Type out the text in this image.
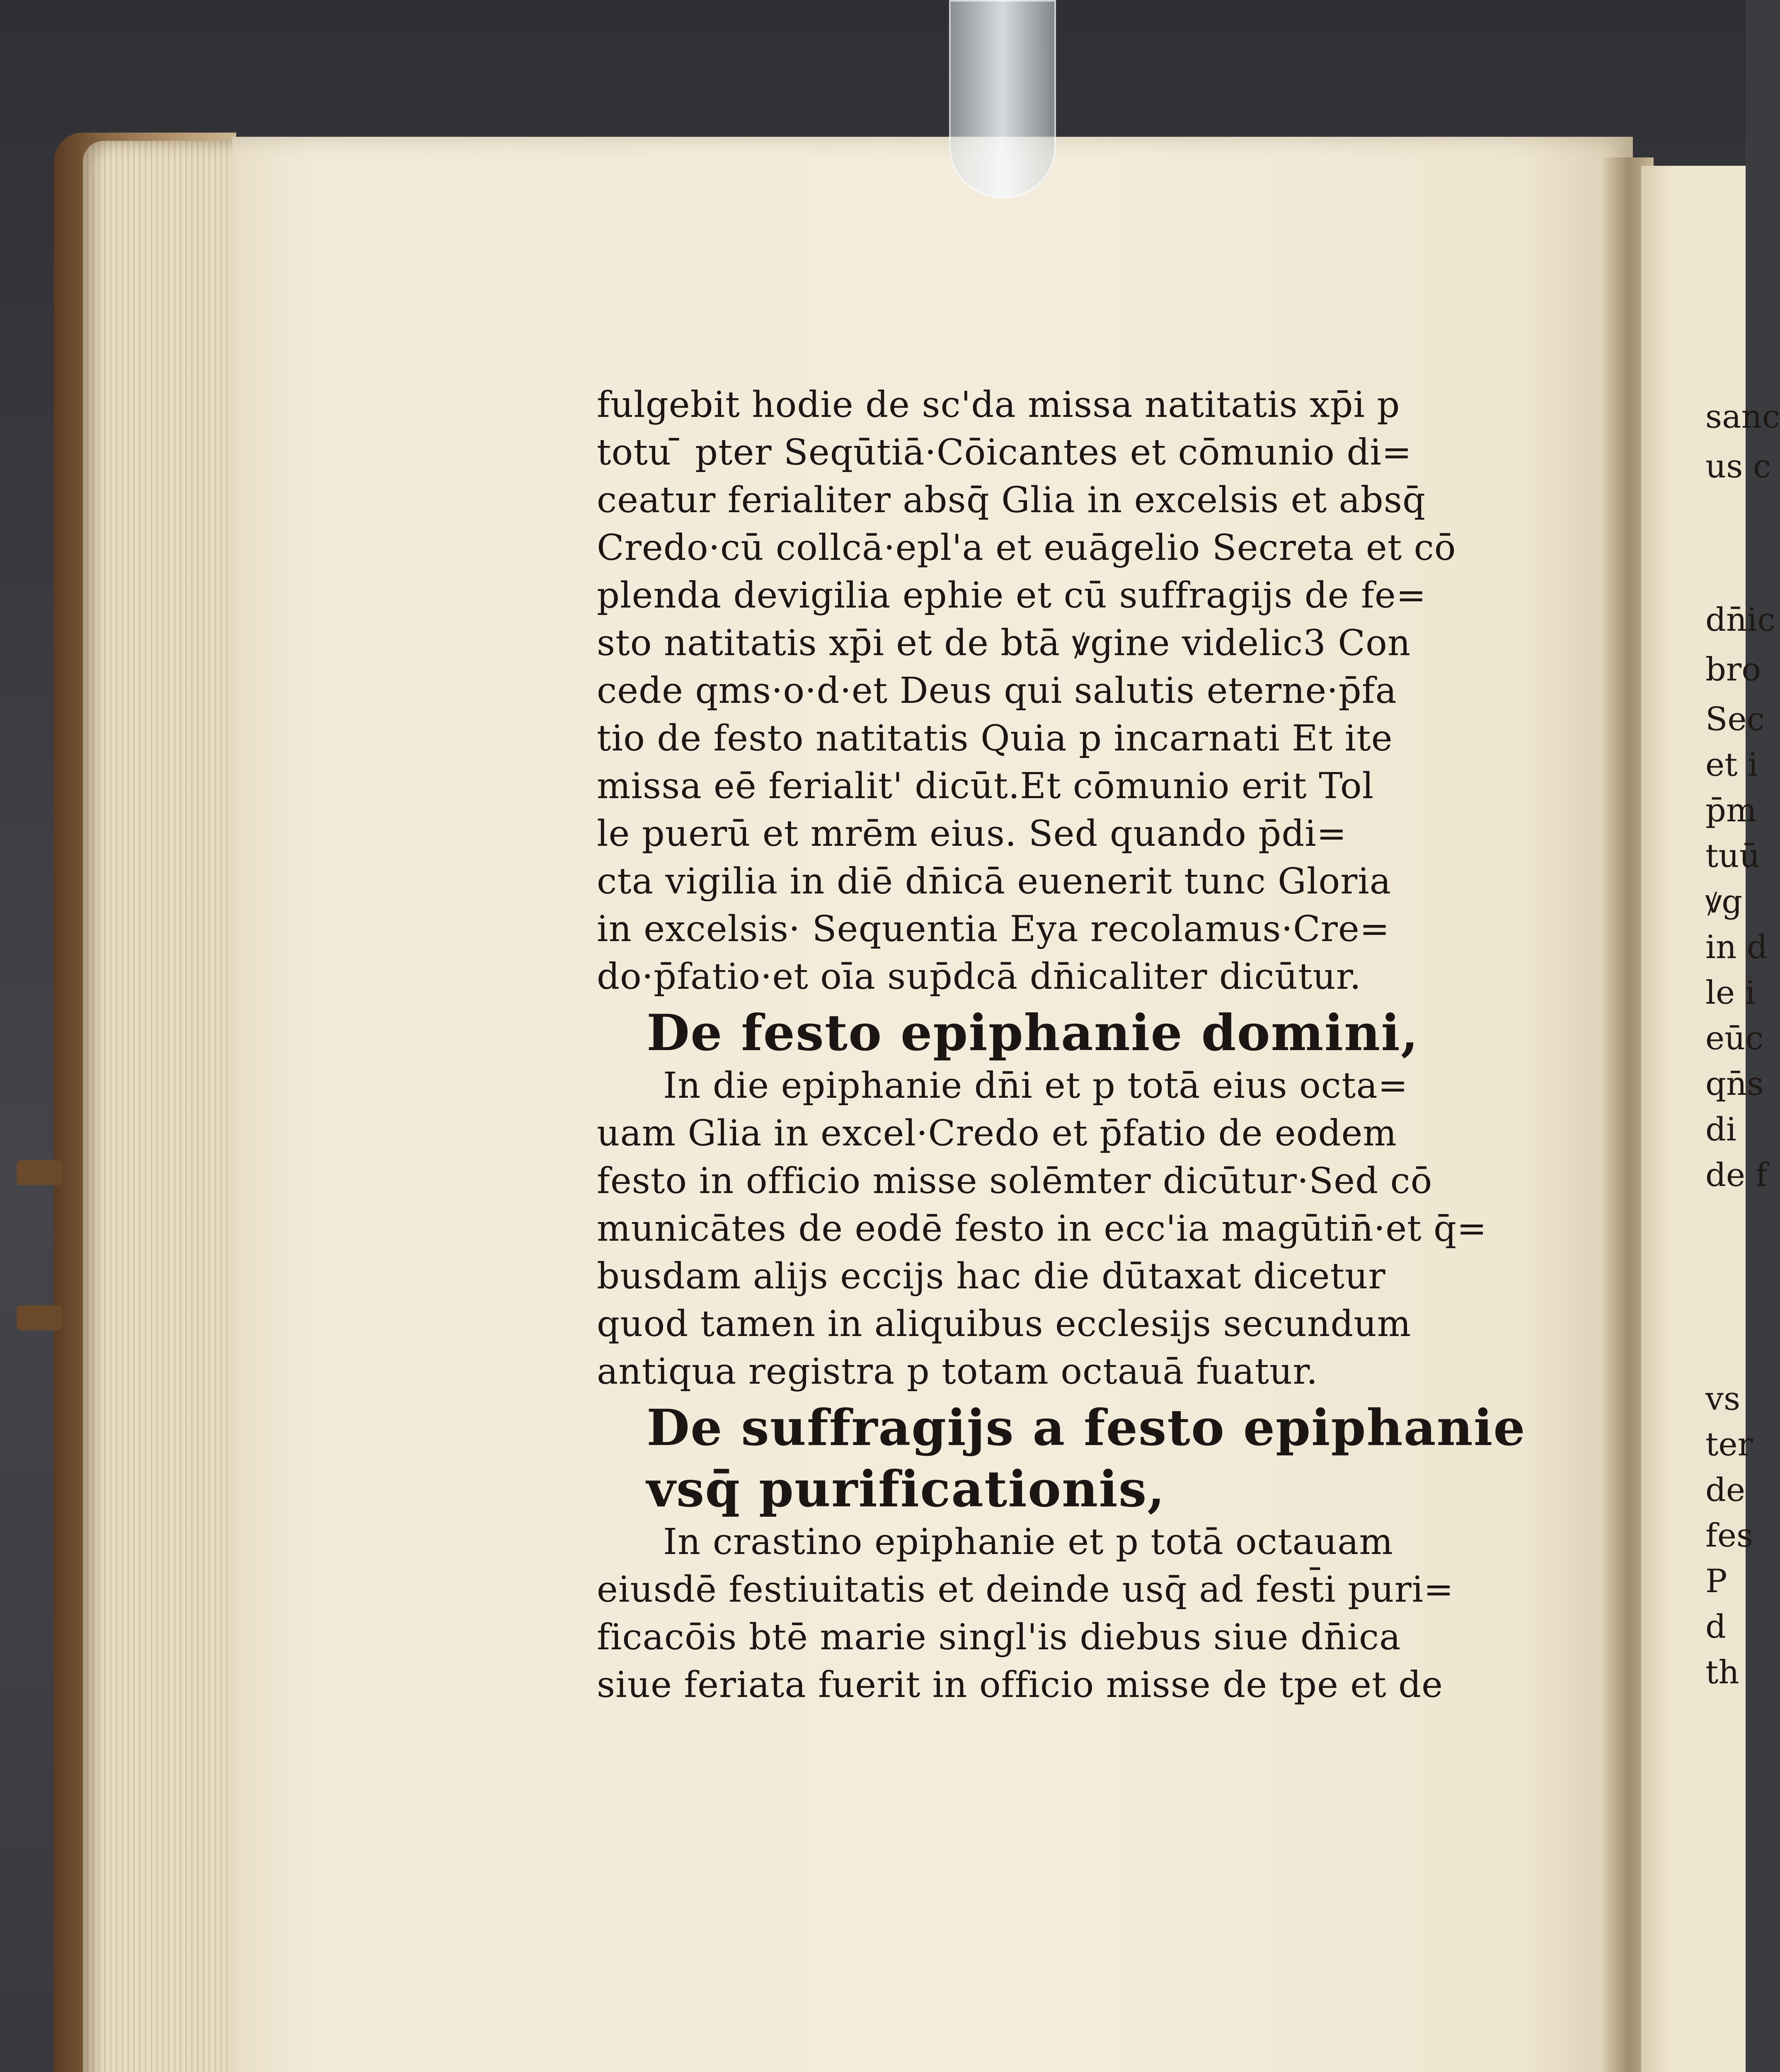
fulgebit hodie de sc'da missa natitatis xp̄i p
totu ̄ pter Seqūtiā·Cōicantes et cōmunio di=
ceatur ferialiter absq̄ Glia in excelsis et absq̄
Credo·cū collcā·epl'a et euāgelio Secreta et cō
plenda devigilia ephie et cū suffragijs de fe=
sto natitatis xp̄i et de btā ꝟgine videlic3 Con
cede qms·o·d·et Deus qui salutis eterne·p̄fa
tio de festo natitatis Quia p incarnati Et ite
missa eē ferialit' dicūt.Et cōmunio erit Tol
le puerū et mrēm eius. Sed quando p̄di=
cta vigilia in diē dn̄icā euenerit tunc Gloria
in excelsis· Sequentia Eya recolamus·Cre=
do·p̄fatio·et oīa sup̄dcā dn̄icaliter dicūtur.
De festo epiphanie domini,
In die epiphanie dn̄i et p totā eius octa=
uam Glia in excel·Credo et p̄fatio de eodem
festo in officio misse solēmter dicūtur·Sed cō
municātes de eodē festo in ecc'ia magūtin̄·et q̄=
busdam alijs eccijs hac die dūtaxat dicetur
quod tamen in aliquibus ecclesijs secundum
antiqua registra p totam octauā fuatur.
De suffragijs a festo epiphanie
vsq̄ purificationis,
In crastino epiphanie et p totā octauam
eiusdē festiuitatis et deinde usq̄ ad fest̄i puri=
ficacōis btē marie singl'is diebus siue dn̄ica
siue feriata fuerit in officio misse de tpe et de
sanc
us c
dn̄ic
bro
Sec
et i
p̄m
tuū
ꝟg
in d
le i
eūc
qn̄s
di
de f
vs
ter
de
fes
P
d
th
